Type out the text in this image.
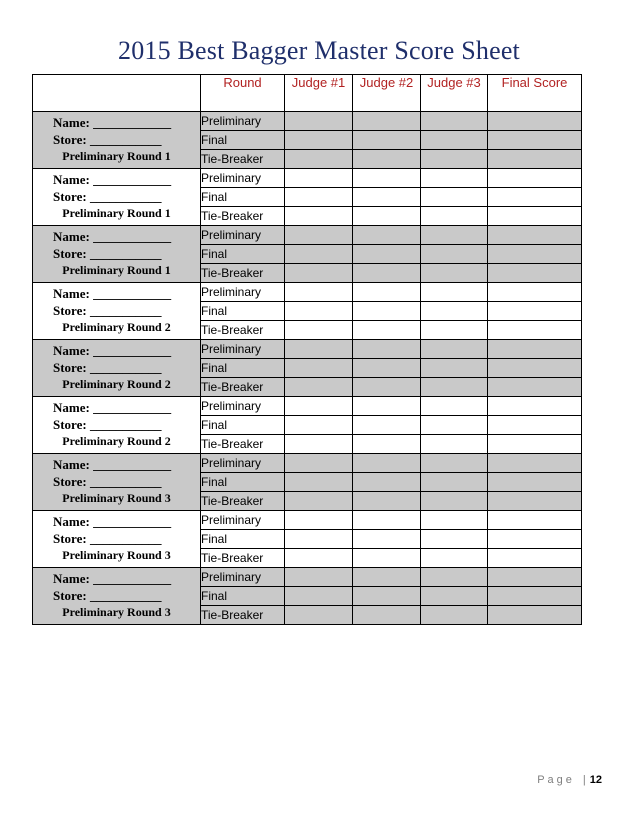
2015 Best Bagger Master Score Sheet
	Round	Judge #1	Judge #2	Judge #3	Final Score

Name: ____________
Store: ___________
Preliminary Round 1	Preliminary				
	Final				
	Tie-Breaker				

Name: ____________
Store: ___________
Preliminary Round 1	Preliminary				
	Final				
	Tie-Breaker				

Name: ____________
Store: ___________
Preliminary Round 1	Preliminary				
	Final				
	Tie-Breaker				

Name: ____________
Store: ___________
Preliminary Round 2	Preliminary				
	Final				
	Tie-Breaker				

Name: ____________
Store: ___________
Preliminary Round 2	Preliminary				
	Final				
	Tie-Breaker				

Name: ____________
Store: ___________
Preliminary Round 2	Preliminary				
	Final				
	Tie-Breaker				

Name: ____________
Store: ___________
Preliminary Round 3	Preliminary				
	Final				
	Tie-Breaker				

Name: ____________
Store: ___________
Preliminary Round 3	Preliminary				
	Final				
	Tie-Breaker				

Name: ____________
Store: ___________
Preliminary Round 3	Preliminary				
	Final				
	Tie-Breaker				
Page | 12
